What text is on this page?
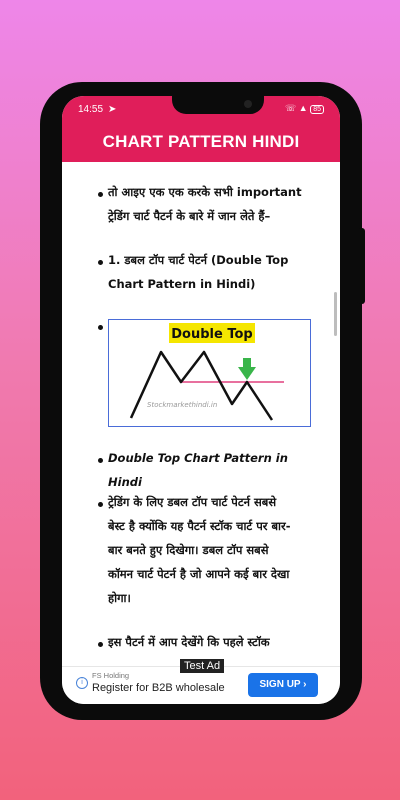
14:55 ➤	☏ ▲ 85
CHART PATTERN HINDI
तो आइए एक एक करके सभी important
ट्रेडिंग चार्ट पैटर्न के बारे में जान लेते हैं–
1. डबल टॉप चार्ट पेटर्न (Double Top
Chart Pattern in Hindi)
Double Top
Stockmarkethindi.in
Double Top Chart Pattern in Hindi
ट्रेडिंग के लिए डबल टॉप चार्ट पेटर्न सबसे
बेस्ट है क्योंकि यह पैटर्न स्टॉक चार्ट पर बार-
बार बनते हुए दिखेगा। डबल टॉप सबसे
कॉमन चार्ट पेटर्न है जो आपने कई बार देखा
होगा।
इस पैटर्न में आप देखेंगे कि पहले स्टॉक
Test Ad
i
FS Holding
Register for B2B wholesale	SIGN UP ›
